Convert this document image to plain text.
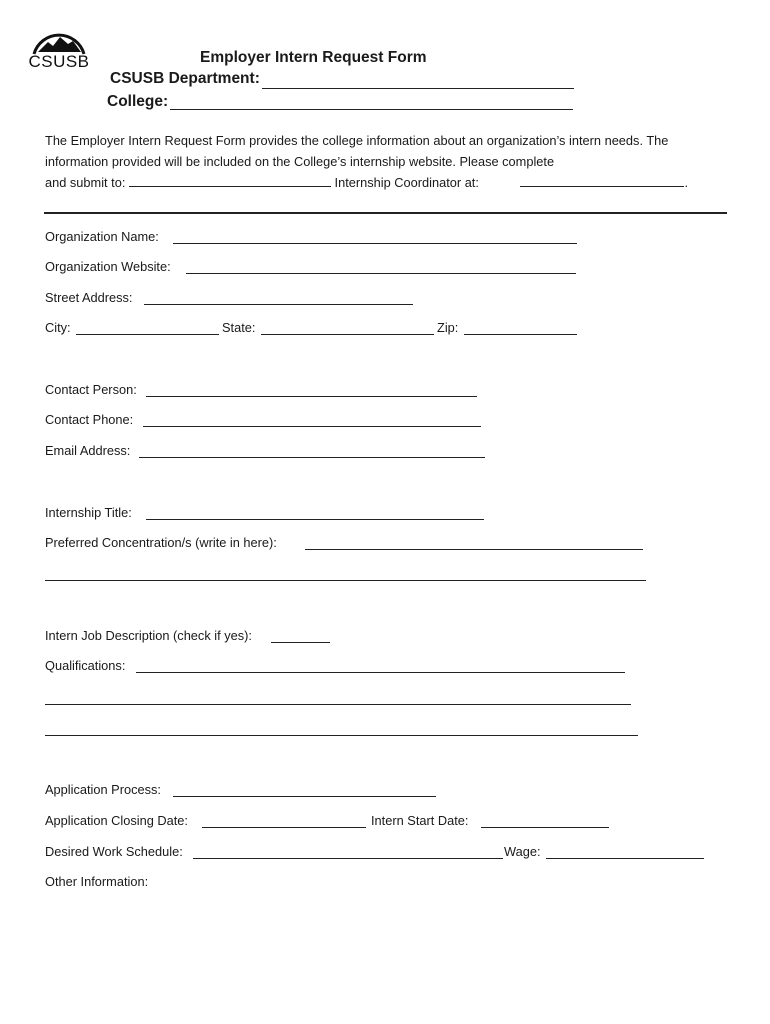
CSUSB	Employer Intern Request Form
CSUSB Department:
College:
The Employer Intern Request Form provides the college information about an organization’s intern needs. The
information provided will be included on the College’s internship website. Please complete
and submit to:	Internship Coordinator at:	.
Organization Name:
Organization Website:
Street Address:
City:	State:	Zip:
Contact Person:
Contact Phone:
Email Address:
Internship Title:
Preferred Concentration/s (write in here):
Intern Job Description (check if yes):
Qualifications:
Application Process:
Application Closing Date:	Intern Start Date:
Desired Work Schedule:	Wage:
Other Information:
